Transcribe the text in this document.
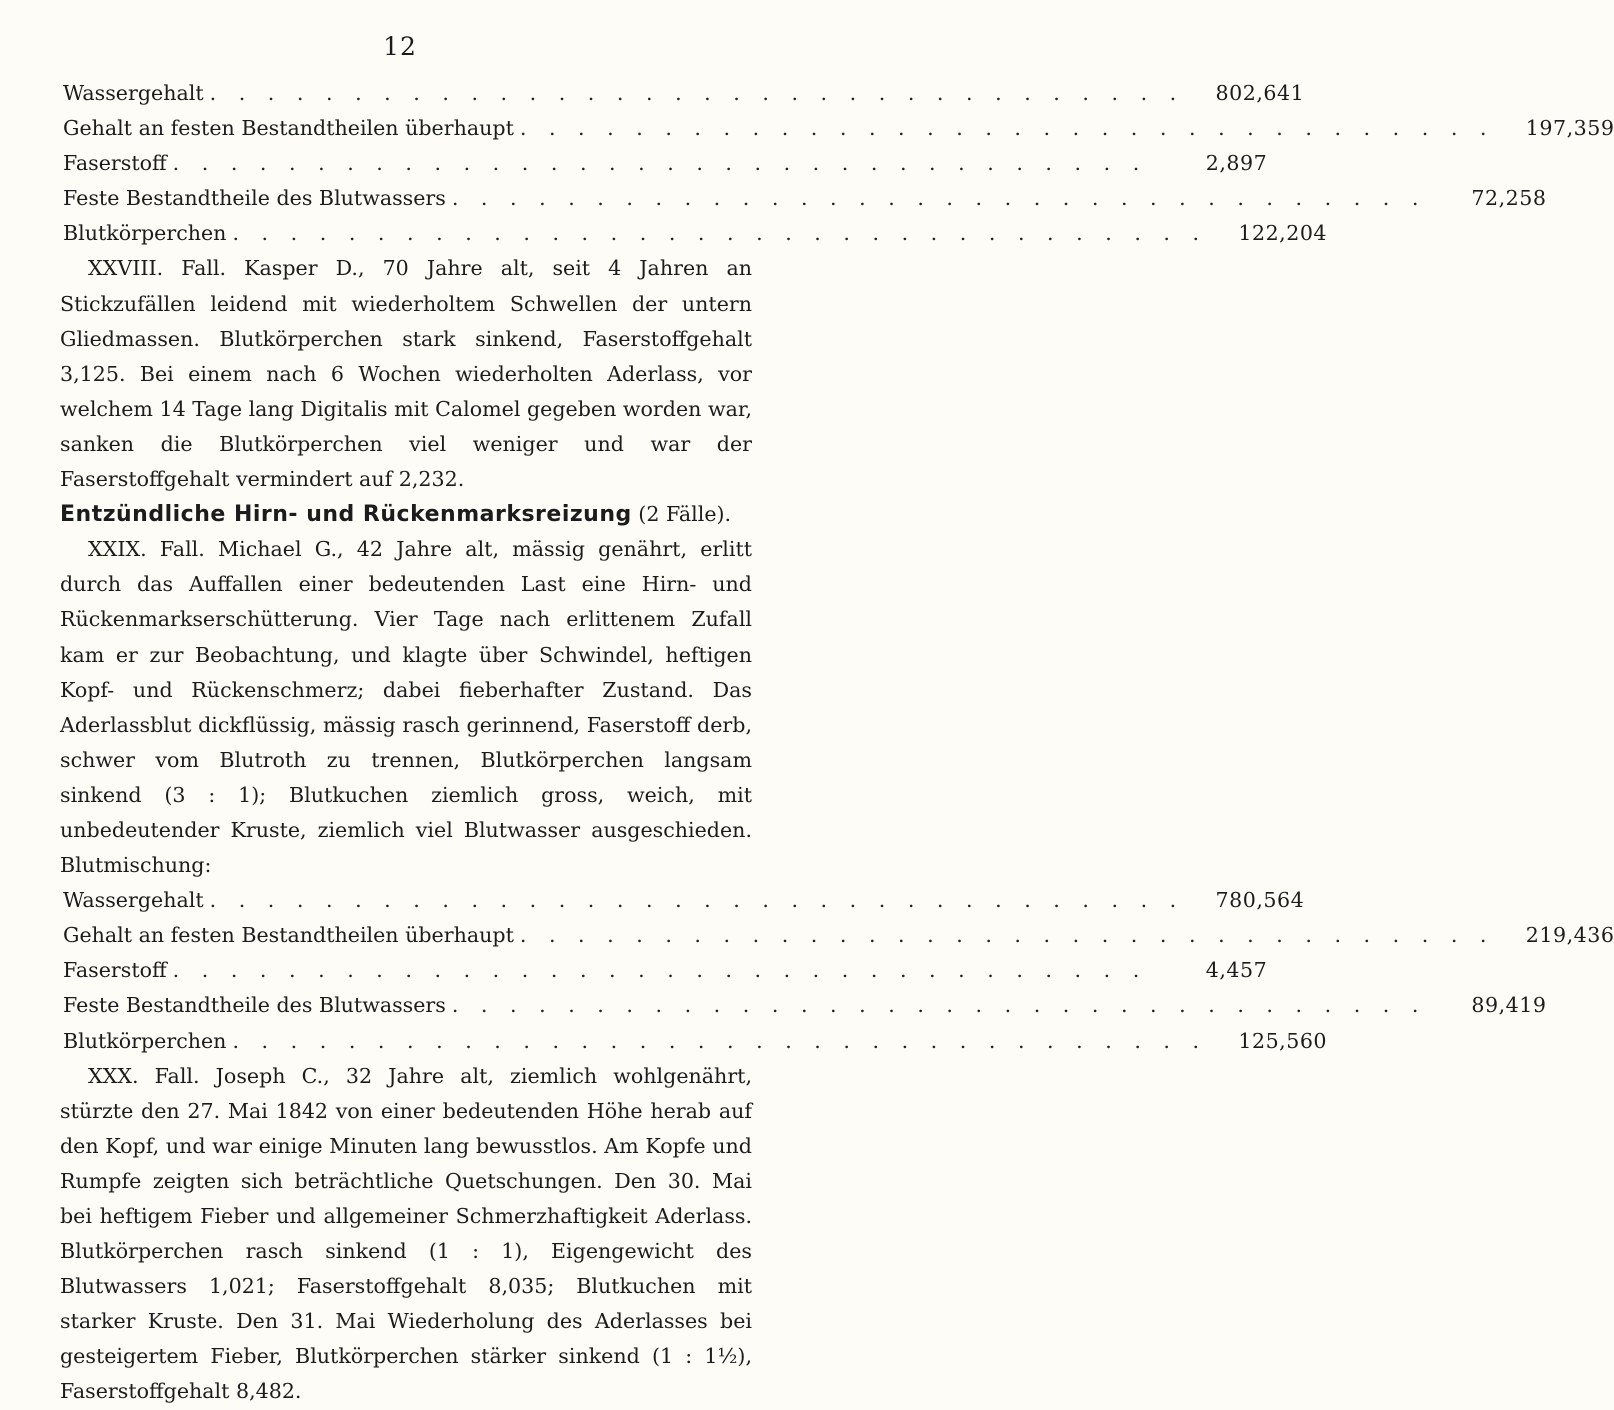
12
Wassergehalt . . . . . . . . . . . . . . . . . . . . . . . . . . . . . . . . . .	802,641
Gehalt an festen Bestandtheilen überhaupt . . . . . . . . . . . . . . . . . . . . . . . . . . . . . . . . . .	197,359
Faserstoff . . . . . . . . . . . . . . . . . . . . . . . . . . . . . . . . . .	2,897
Feste Bestandtheile des Blutwassers . . . . . . . . . . . . . . . . . . . . . . . . . . . . . . . . . .	72,258
Blutkörperchen . . . . . . . . . . . . . . . . . . . . . . . . . . . . . . . . . .	122,204

XXVIII. Fall. Kasper D., 70 Jahre alt, seit 4 Jahren an Stickzufällen leidend mit wiederholtem Schwellen der untern Gliedmassen. Blutkörperchen stark sinkend, Faserstoffgehalt 3,125. Bei einem nach 6 Wochen wiederholten Aderlass, vor welchem 14 Tage lang Digitalis mit Calomel gegeben worden war, sanken die Blutkörperchen viel weniger und war der Faserstoffgehalt vermindert auf 2,232.

Entzündliche Hirn- und Rückenmarksreizung (2 Fälle).

XXIX. Fall. Michael G., 42 Jahre alt, mässig genährt, erlitt durch das Auffallen einer bedeutenden Last eine Hirn- und Rückenmarkserschütterung. Vier Tage nach erlittenem Zufall kam er zur Beobachtung, und klagte über Schwindel, heftigen Kopf- und Rückenschmerz; dabei fieberhafter Zustand. Das Aderlassblut dickflüssig, mässig rasch gerinnend, Faserstoff derb, schwer vom Blutroth zu trennen, Blutkörperchen langsam sinkend (3 : 1); Blutkuchen ziemlich gross, weich, mit unbedeutender Kruste, ziemlich viel Blutwasser ausgeschieden. Blutmischung:

Wassergehalt . . . . . . . . . . . . . . . . . . . . . . . . . . . . . . . . . .	780,564
Gehalt an festen Bestandtheilen überhaupt . . . . . . . . . . . . . . . . . . . . . . . . . . . . . . . . . .	219,436
Faserstoff . . . . . . . . . . . . . . . . . . . . . . . . . . . . . . . . . .	4,457
Feste Bestandtheile des Blutwassers . . . . . . . . . . . . . . . . . . . . . . . . . . . . . . . . . .	89,419
Blutkörperchen . . . . . . . . . . . . . . . . . . . . . . . . . . . . . . . . . .	125,560

XXX. Fall. Joseph C., 32 Jahre alt, ziemlich wohlgenährt, stürzte den 27. Mai 1842 von einer bedeutenden Höhe herab auf den Kopf, und war einige Minuten lang bewusstlos. Am Kopfe und Rumpfe zeigten sich beträchtliche Quetschungen. Den 30. Mai bei heftigem Fieber und allgemeiner Schmerzhaftigkeit Aderlass. Blutkörperchen rasch sinkend (1 : 1), Eigengewicht des Blutwassers 1,021; Faserstoffgehalt 8,035; Blutkuchen mit starker Kruste. Den 31. Mai Wiederholung des Aderlasses bei gesteigertem Fieber, Blutkörperchen stärker sinkend (1 : 1½), Faserstoffgehalt 8,482.
